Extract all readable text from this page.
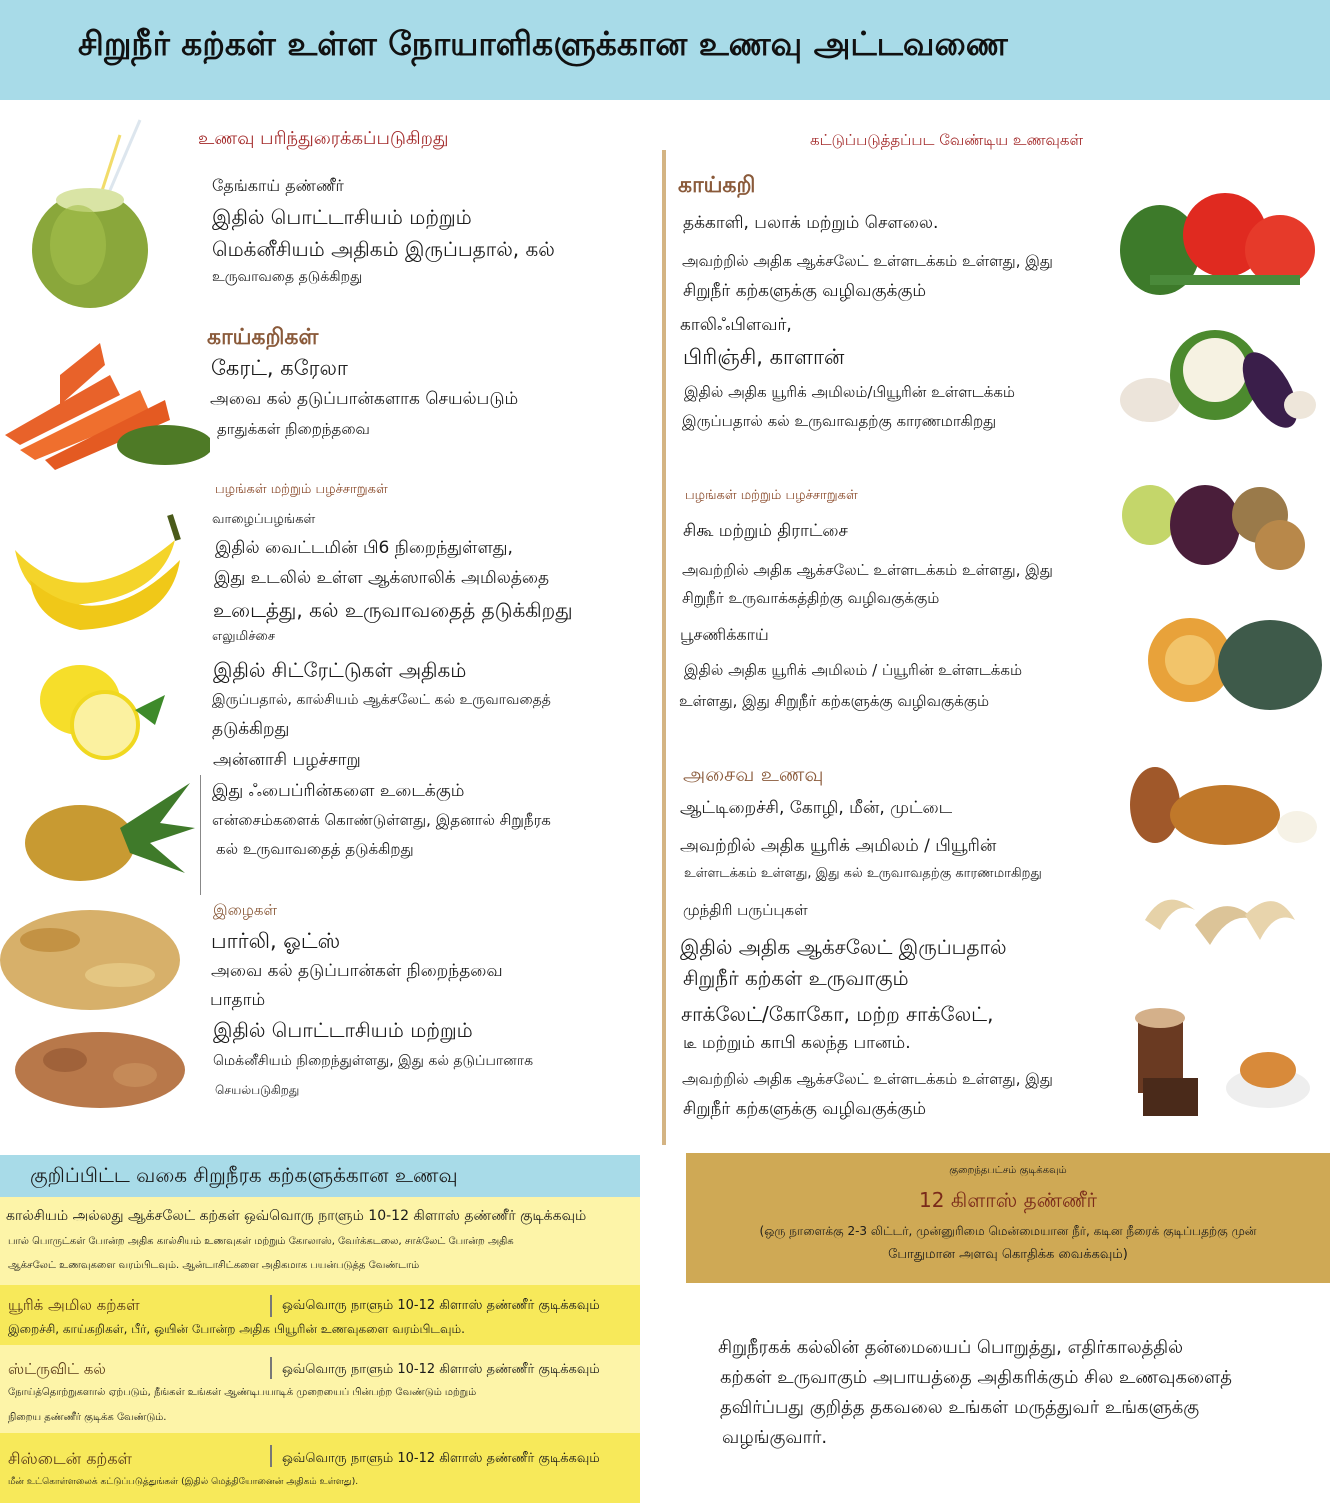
சிறுநீர் கற்கள் உள்ள நோயாளிகளுக்கான உணவு அட்டவணை
உணவு பரிந்துரைக்கப்படுகிறது
தேங்காய் தண்ணீர்
இதில் பொட்டாசியம் மற்றும்
மெக்னீசியம் அதிகம் இருப்பதால், கல்
உருவாவதை தடுக்கிறது
காய்கறிகள்
கேரட், கரேலா
அவை கல் தடுப்பான்களாக செயல்படும்
தாதுக்கள் நிறைந்தவை
பழங்கள் மற்றும் பழச்சாறுகள்
வாழைப்பழங்கள்
இதில் வைட்டமின் பி6 நிறைந்துள்ளது,
இது உடலில் உள்ள ஆக்ஸாலிக் அமிலத்தை
உடைத்து, கல் உருவாவதைத் தடுக்கிறது
எலுமிச்சை
இதில் சிட்ரேட்டுகள் அதிகம்
இருப்பதால், கால்சியம் ஆக்சலேட் கல் உருவாவதைத்
தடுக்கிறது
அன்னாசி பழச்சாறு
இது ஃபைப்ரின்களை உடைக்கும்
என்சைம்களைக் கொண்டுள்ளது, இதனால் சிறுநீரக
கல் உருவாவதைத் தடுக்கிறது
இழைகள்
பார்லி, ஓட்ஸ்
அவை கல் தடுப்பான்கள் நிறைந்தவை
பாதாம்
இதில் பொட்டாசியம் மற்றும்
மெக்னீசியம் நிறைந்துள்ளது, இது கல் தடுப்பானாக
செயல்படுகிறது
கட்டுப்படுத்தப்பட வேண்டிய உணவுகள்
காய்கறி
தக்காளி, பலாக் மற்றும் சௌலை.
அவற்றில் அதிக ஆக்சலேட் உள்ளடக்கம் உள்ளது, இது
சிறுநீர் கற்களுக்கு வழிவகுக்கும்
காலிஃபிளவர்,
பிரிஞ்சி, காளான்
இதில் அதிக யூரிக் அமிலம்/பியூரின் உள்ளடக்கம்
இருப்பதால் கல் உருவாவதற்கு காரணமாகிறது
பழங்கள் மற்றும் பழச்சாறுகள்
சிகூ மற்றும் திராட்சை
அவற்றில் அதிக ஆக்சலேட் உள்ளடக்கம் உள்ளது, இது
சிறுநீர் உருவாக்கத்திற்கு வழிவகுக்கும்
பூசணிக்காய்
இதில் அதிக யூரிக் அமிலம் / ப்யூரின் உள்ளடக்கம்
உள்ளது, இது சிறுநீர் கற்களுக்கு வழிவகுக்கும்
அசைவ உணவு
ஆட்டிறைச்சி, கோழி, மீன், முட்டை
அவற்றில் அதிக யூரிக் அமிலம் / பியூரின்
உள்ளடக்கம் உள்ளது, இது கல் உருவாவதற்கு காரணமாகிறது
முந்திரி பருப்புகள்
இதில் அதிக ஆக்சலேட் இருப்பதால்
சிறுநீர் கற்கள் உருவாகும்
சாக்லேட்/கோகோ, மற்ற சாக்லேட்,
டீ மற்றும் காபி கலந்த பானம்.
அவற்றில் அதிக ஆக்சலேட் உள்ளடக்கம் உள்ளது, இது
சிறுநீர் கற்களுக்கு வழிவகுக்கும்
குறிப்பிட்ட வகை சிறுநீரக கற்களுக்கான உணவு
கால்சியம் அல்லது ஆக்சலேட் கற்கள் ஒவ்வொரு நாளும் 10-12 கிளாஸ் தண்ணீர் குடிக்கவும்
பால் பொருட்கள் போன்ற அதிக கால்சியம் உணவுகள் மற்றும் கோலாஸ், வேர்க்கடலை, சாக்லேட் போன்ற அதிக
ஆக்சலேட் உணவுகளை வரம்பிடவும். ஆன்டாசிட்களை அதிகமாக பயன்படுத்த வேண்டாம்
யூரிக் அமில கற்கள்	ஒவ்வொரு நாளும் 10-12 கிளாஸ் தண்ணீர் குடிக்கவும்
இறைச்சி, காய்கறிகள், பீர், ஒயின் போன்ற அதிக பியூரின் உணவுகளை வரம்பிடவும்.
ஸ்ட்ருவிட் கல்	ஒவ்வொரு நாளும் 10-12 கிளாஸ் தண்ணீர் குடிக்கவும்
நோய்த்தொற்றுகளால் ஏற்படும், நீங்கள் உங்கள் ஆண்டிபயாடிக் முறையைப் பின்பற்ற வேண்டும் மற்றும்
நிறைய தண்ணீர் குடிக்க வேண்டும்.
சிஸ்டைன் கற்கள்	ஒவ்வொரு நாளும் 10-12 கிளாஸ் தண்ணீர் குடிக்கவும்
மீன் உட்கொள்ளலைக் கட்டுப்படுத்துங்கள் (இதில் மெத்தியோனைன் அதிகம் உள்ளது).
குறைந்தபட்சம் குடிக்கவும்
12 கிளாஸ் தண்ணீர்
(ஒரு நாளைக்கு 2-3 லிட்டர், முன்னுரிமை மென்மையான நீர், கடின நீரைக் குடிப்பதற்கு முன்
போதுமான அளவு கொதிக்க வைக்கவும்)
சிறுநீரகக் கல்லின் தன்மையைப் பொறுத்து, எதிர்காலத்தில்
கற்கள் உருவாகும் அபாயத்தை அதிகரிக்கும் சில உணவுகளைத்
தவிர்ப்பது குறித்த தகவலை உங்கள் மருத்துவர் உங்களுக்கு
வழங்குவார்.
